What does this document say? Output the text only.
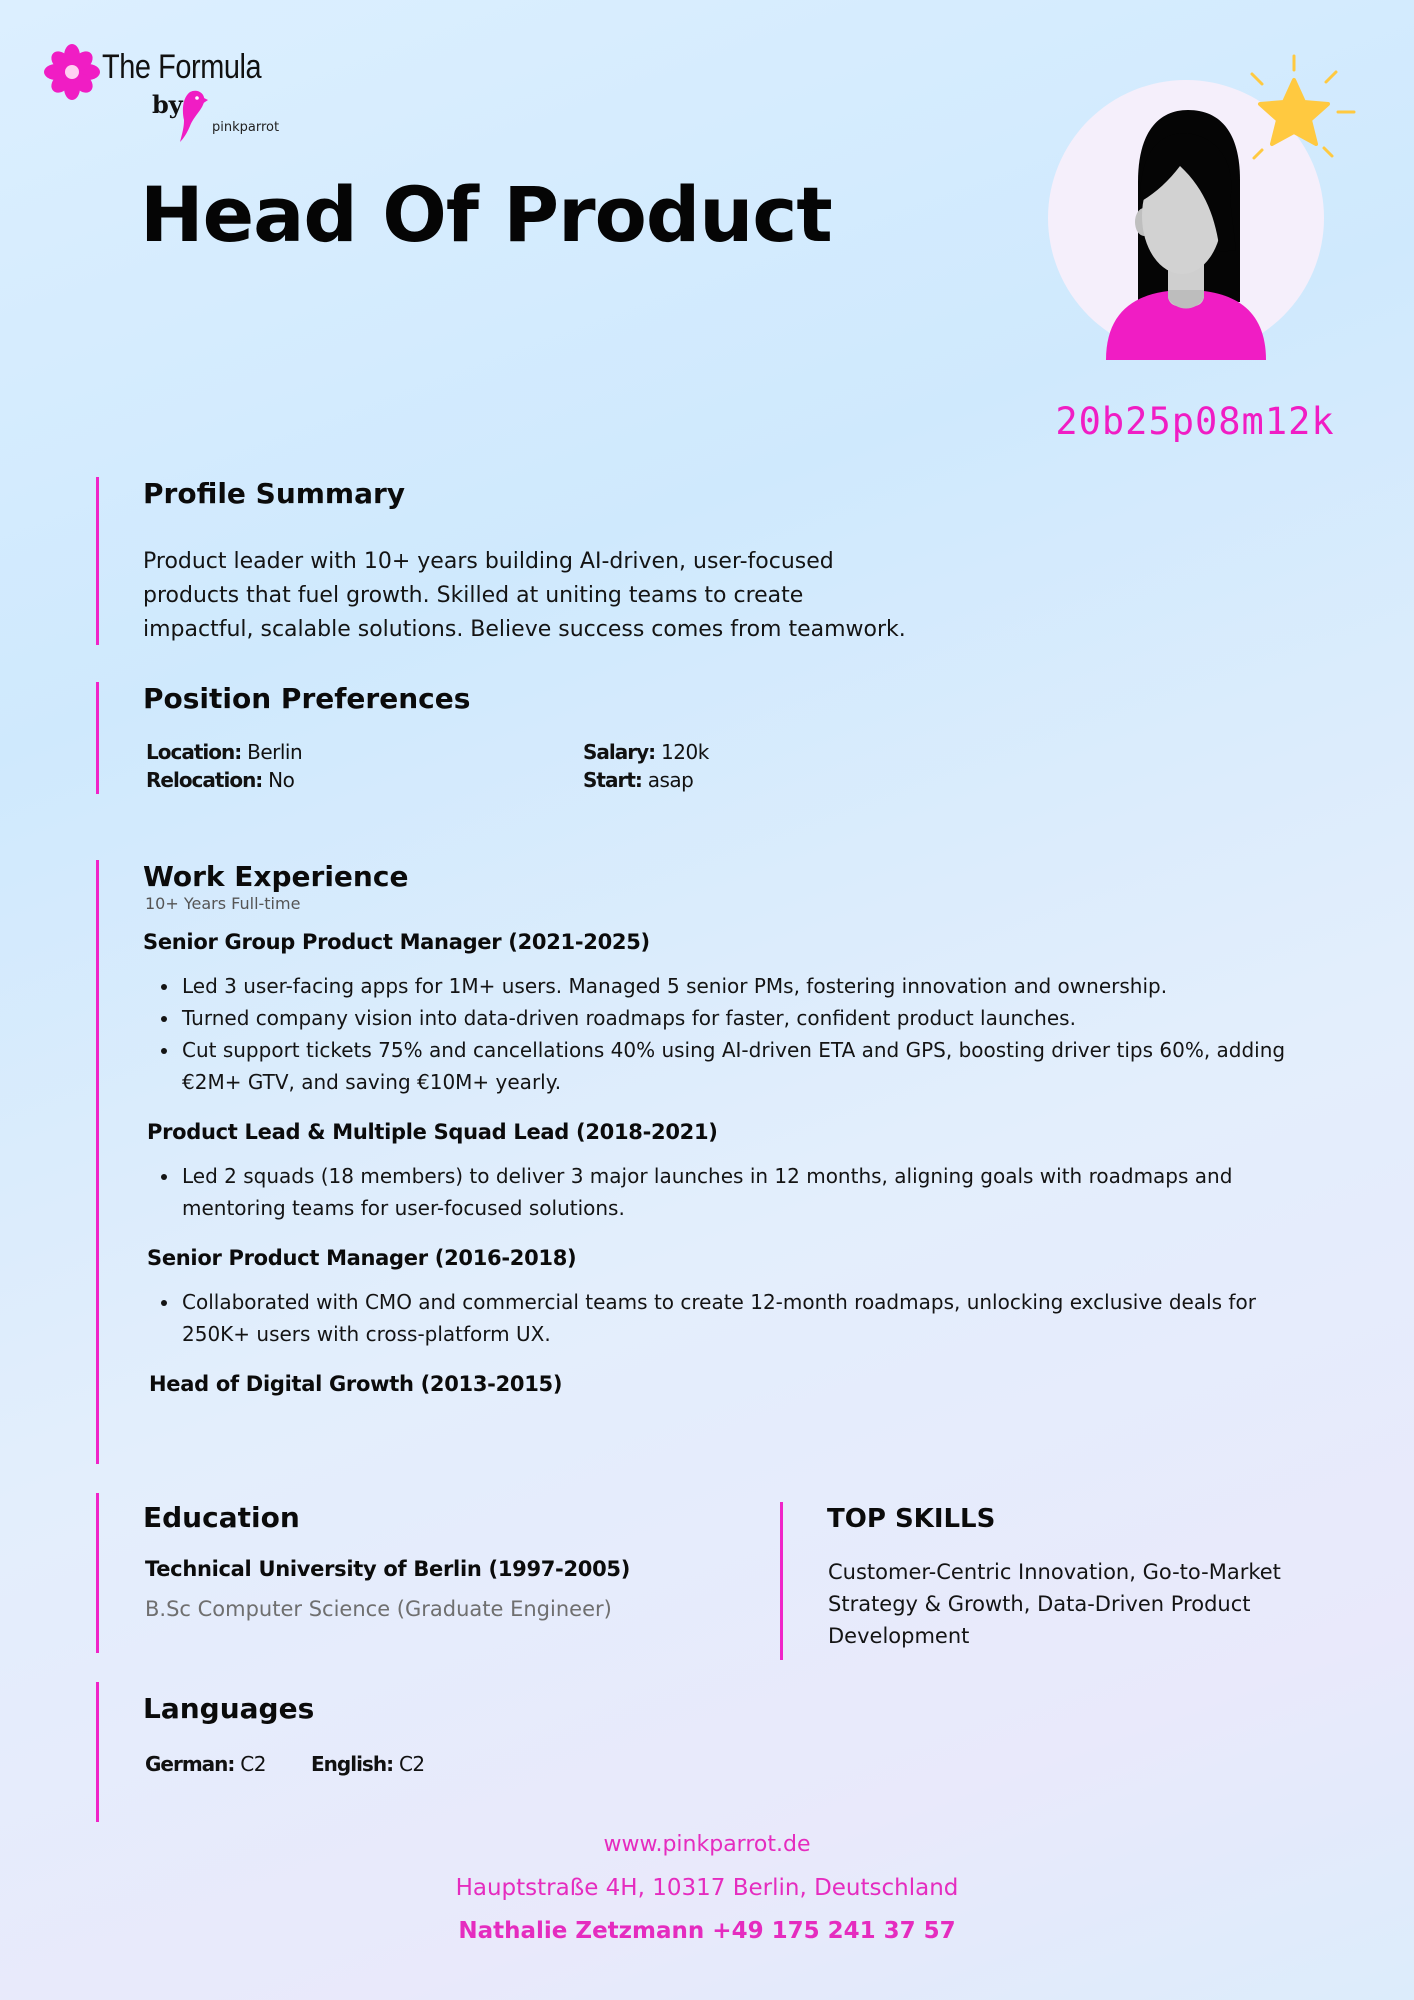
The Formula
by
pinkparrot
Head Of Product
20b25p08m12k
Profile Summary
Product leader with 10+ years building AI-driven, user-focused
products that fuel growth. Skilled at uniting teams to create
impactful, scalable solutions. Believe success comes from teamwork.
Position Preferences
Location: Berlin
Relocation: No
Salary: 120k
Start: asap
Work Experience
10+ Years Full-time
Senior Group Product Manager (2021-2025)
• Led 3 user-facing apps for 1M+ users. Managed 5 senior PMs, fostering innovation and ownership.
• Turned company vision into data-driven roadmaps for faster, confident product launches.
• Cut support tickets 75% and cancellations 40% using AI-driven ETA and GPS, boosting driver tips 60%, adding €2M+ GTV, and saving €10M+ yearly.
Product Lead & Multiple Squad Lead (2018-2021)
• Led 2 squads (18 members) to deliver 3 major launches in 12 months, aligning goals with roadmaps and mentoring teams for user-focused solutions.
Senior Product Manager (2016-2018)
• Collaborated with CMO and commercial teams to create 12-month roadmaps, unlocking exclusive deals for 250K+ users with cross-platform UX.
Head of Digital Growth (2013-2015)
Education
Technical University of Berlin (1997-2005)
B.Sc Computer Science (Graduate Engineer)
TOP SKILLS
Customer-Centric Innovation, Go-to-Market
Strategy & Growth, Data-Driven Product
Development
Languages
German: C2 English: C2
www.pinkparrot.de
Hauptstraße 4H, 10317 Berlin, Deutschland
Nathalie Zetzmann +49 175 241 37 57
